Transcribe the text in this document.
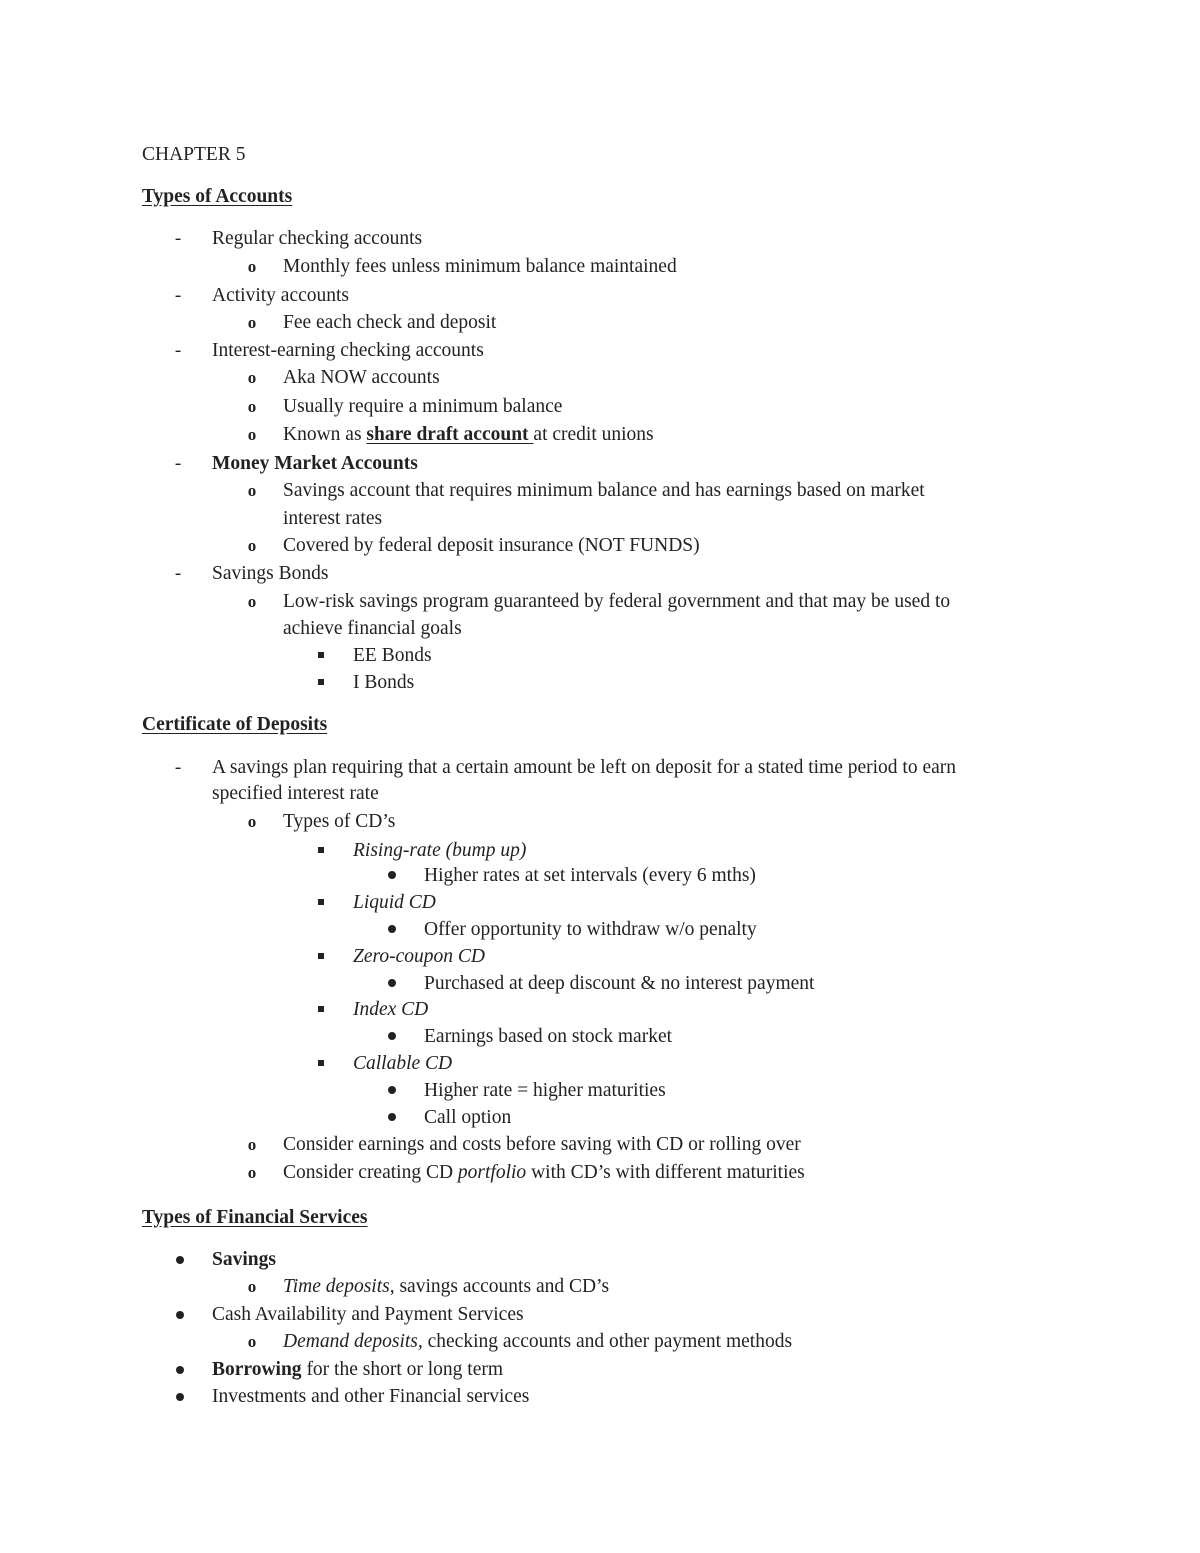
CHAPTER 5
Types of Accounts
- Regular checking accounts
o Monthly fees unless minimum balance maintained
- Activity accounts
o Fee each check and deposit
- Interest-earning checking accounts
o Aka NOW accounts
o Usually require a minimum balance
o Known as share draft account at credit unions
- Money Market Accounts
o Savings account that requires minimum balance and has earnings based on market
interest rates
o Covered by federal deposit insurance (NOT FUNDS)
- Savings Bonds
o Low-risk savings program guaranteed by federal government and that may be used to
achieve financial goals
EE Bonds
I Bonds
Certificate of Deposits
- A savings plan requiring that a certain amount be left on deposit for a stated time period to earn
specified interest rate
o Types of CD’s
Rising-rate (bump up)
Higher rates at set intervals (every 6 mths)
Liquid CD
Offer opportunity to withdraw w/o penalty
Zero-coupon CD
Purchased at deep discount & no interest payment
Index CD
Earnings based on stock market
Callable CD
Higher rate = higher maturities
Call option
o Consider earnings and costs before saving with CD or rolling over
o Consider creating CD portfolio with CD’s with different maturities
Types of Financial Services
Savings
o Time deposits, savings accounts and CD’s
Cash Availability and Payment Services
o Demand deposits, checking accounts and other payment methods
Borrowing for the short or long term
Investments and other Financial services
